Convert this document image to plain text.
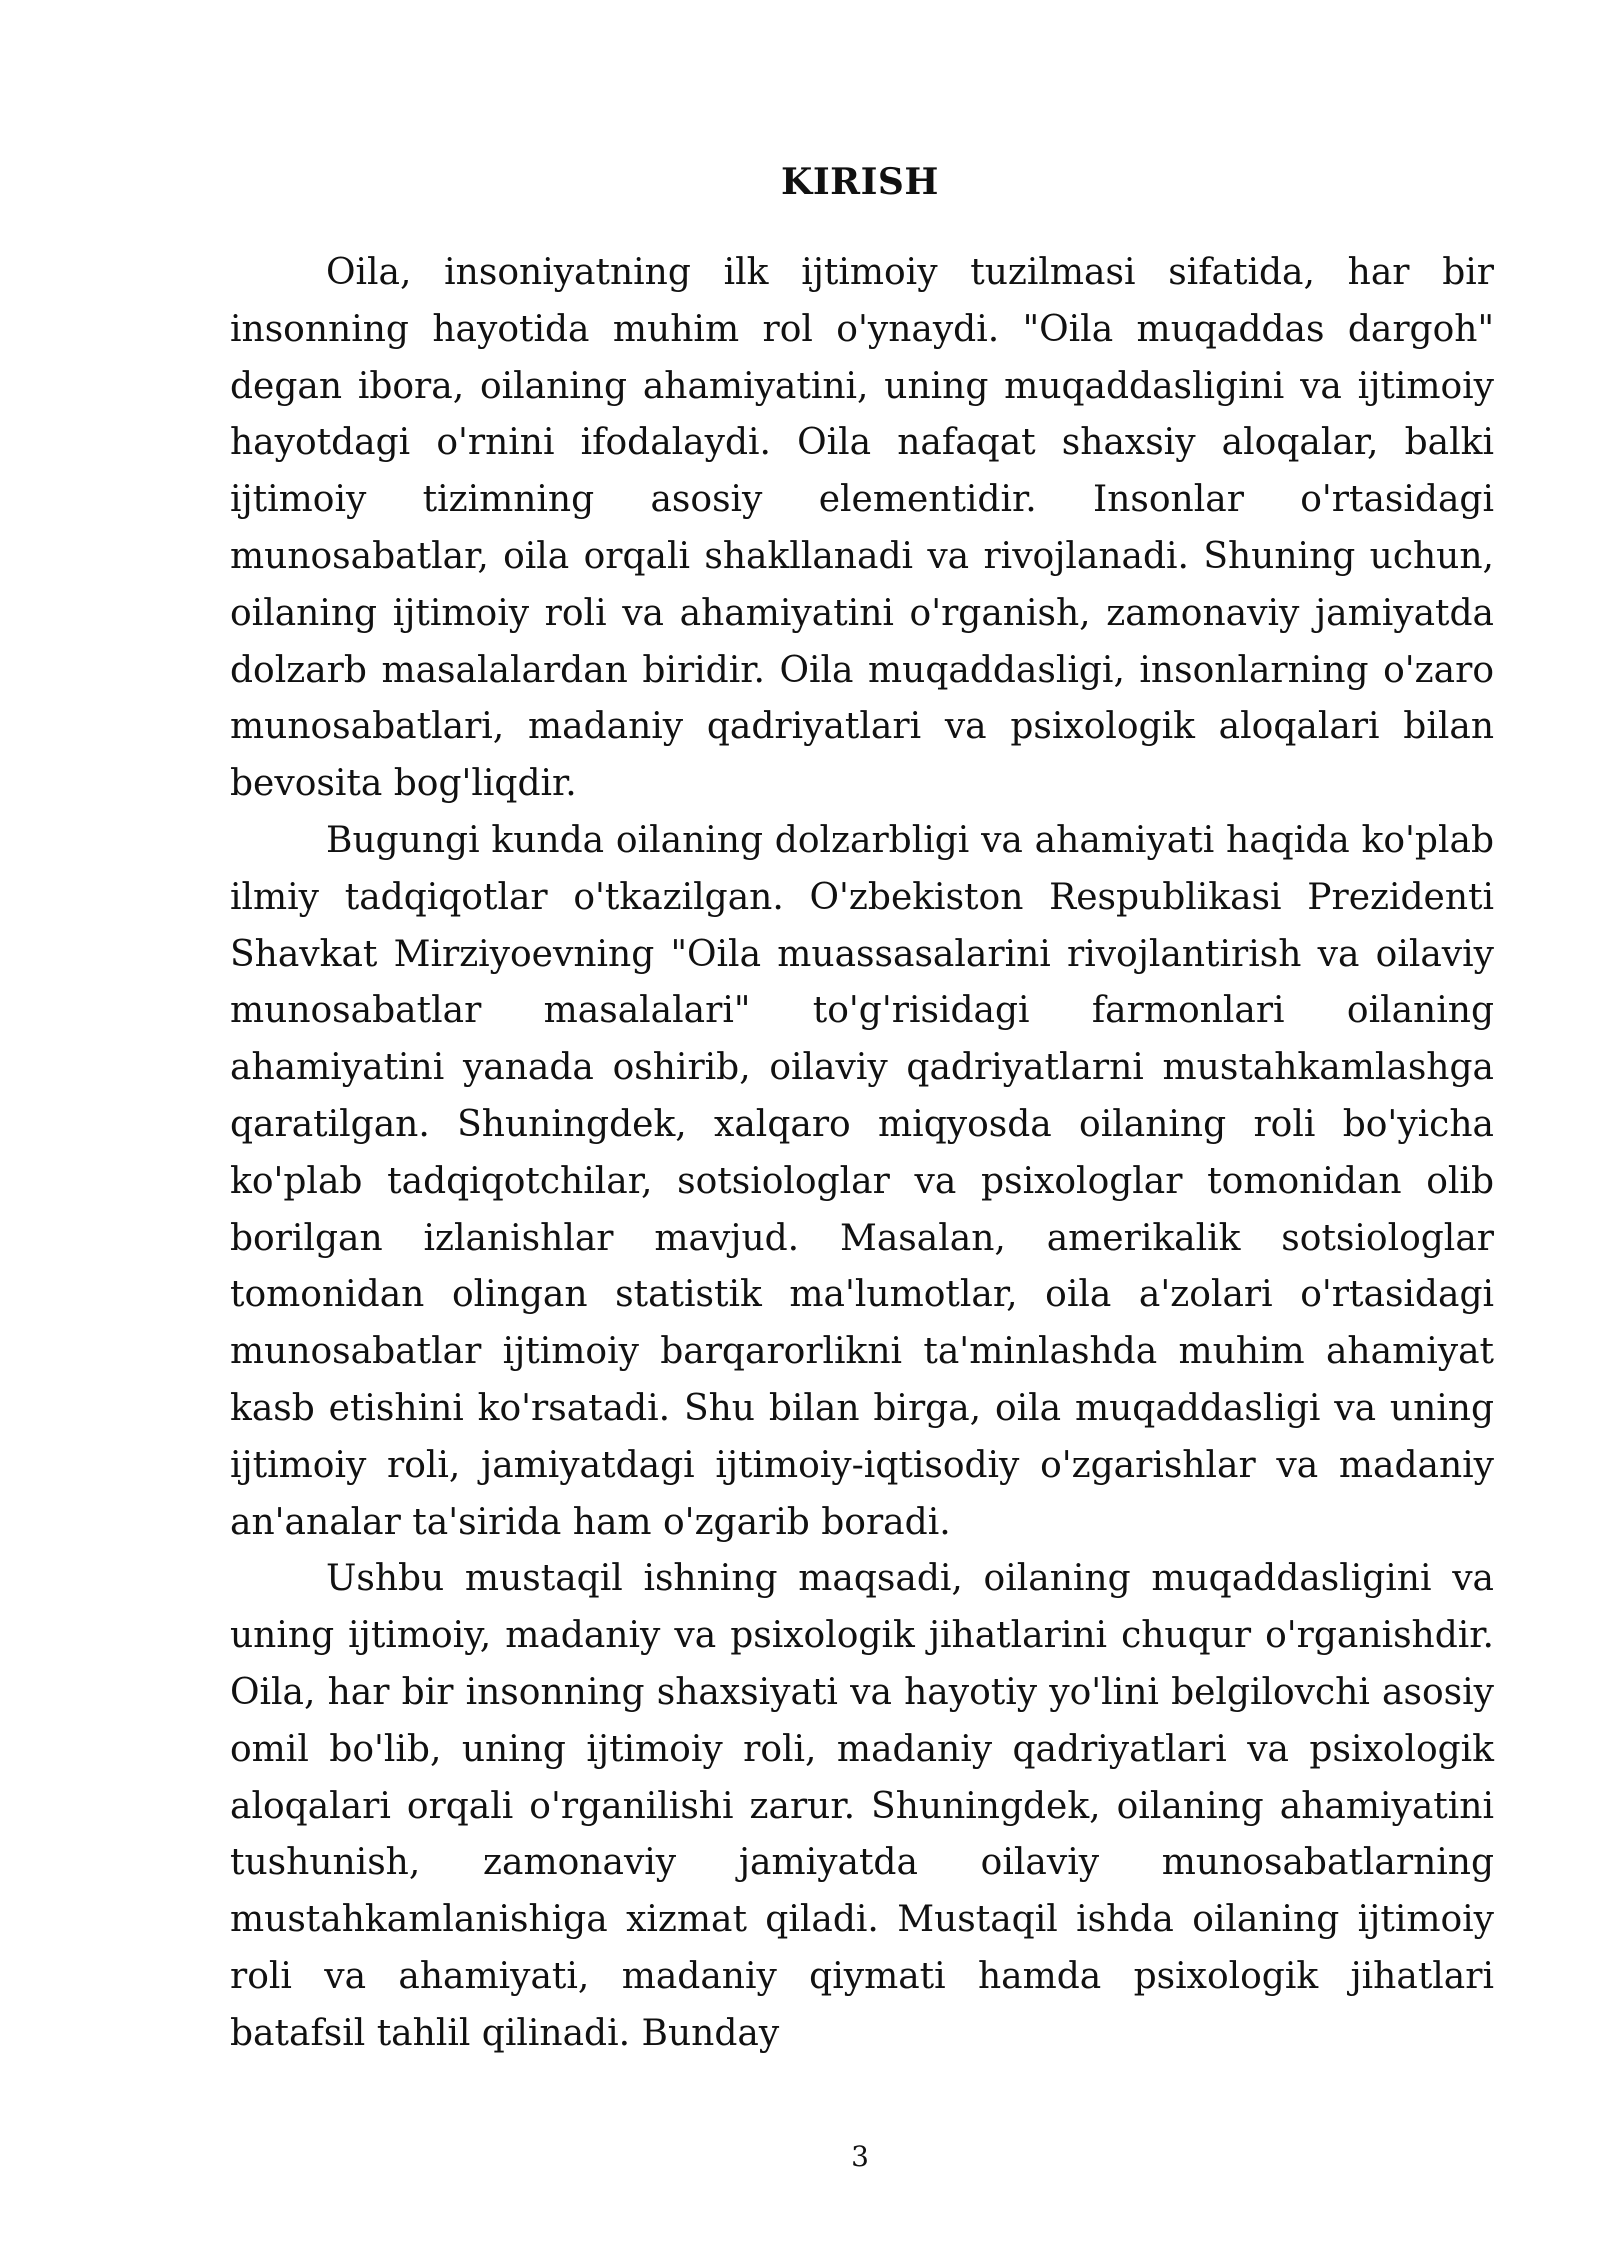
KIRISH

Oila, insoniyatning ilk ijtimoiy tuzilmasi sifatida, har bir insonning hayotida muhim rol o'ynaydi. "Oila muqaddas dargoh" degan ibora, oilaning ahamiyatini, uning muqaddasligini va ijtimoiy hayotdagi o'rnini ifodalaydi. Oila nafaqat shaxsiy aloqalar, balki ijtimoiy tizimning asosiy elementidir. Insonlar o'rtasidagi munosabatlar, oila orqali shakllanadi va rivojlanadi. Shuning uchun, oilaning ijtimoiy roli va ahamiyatini o'rganish, zamonaviy jamiyatda dolzarb masalalardan biridir. Oila muqaddasligi, insonlarning o'zaro munosabatlari, madaniy qadriyatlari va psixologik aloqalari bilan bevosita bog'liqdir.

Bugungi kunda oilaning dolzarbligi va ahamiyati haqida ko'plab ilmiy tadqiqotlar o'tkazilgan. O'zbekiston Respublikasi Prezidenti Shavkat Mirziyoevning "Oila muassasalarini rivojlantirish va oilaviy munosabatlar masalalari" to'g'risidagi farmonlari oilaning ahamiyatini yanada oshirib, oilaviy qadriyatlarni mustahkamlashga qaratilgan. Shuningdek, xalqaro miqyosda oilaning roli bo'yicha ko'plab tadqiqotchilar, sotsiologlar va psixologlar tomonidan olib borilgan izlanishlar mavjud. Masalan, amerikalik sotsiologlar tomonidan olingan statistik ma'lumotlar, oila a'zolari o'rtasidagi munosabatlar ijtimoiy barqarorlikni ta'minlashda muhim ahamiyat kasb etishini ko'rsatadi. Shu bilan birga, oila muqaddasligi va uning ijtimoiy roli, jamiyatdagi ijtimoiy-iqtisodiy o'zgarishlar va madaniy an'analar ta'sirida ham o'zgarib boradi.

Ushbu mustaqil ishning maqsadi, oilaning muqaddasligini va uning ijtimoiy, madaniy va psixologik jihatlarini chuqur o'rganishdir. Oila, har bir insonning shaxsiyati va hayotiy yo'lini belgilovchi asosiy omil bo'lib, uning ijtimoiy roli, madaniy qadriyatlari va psixologik aloqalari orqali o'rganilishi zarur. Shuningdek, oilaning ahamiyatini tushunish, zamonaviy jamiyatda oilaviy munosabatlarning mustahkamlanishiga xizmat qiladi. Mustaqil ishda oilaning ijtimoiy roli va ahamiyati, madaniy qiymati hamda psixologik jihatlari batafsil tahlil qilinadi. Bunday

3
